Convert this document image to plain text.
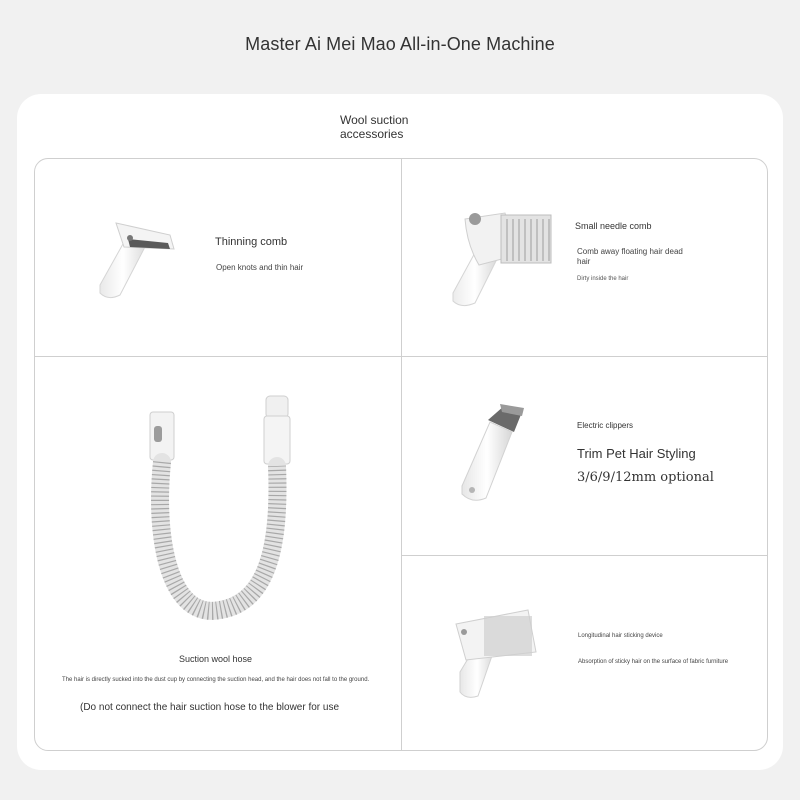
Master Ai Mei Mao All-in-One Machine
Wool suction
accessories
Thinning comb
Open knots and thin hair
Small needle comb
Comb away floating hair dead hair
Dirty inside the hair
Suction wool hose
The hair is directly sucked into the dust cup by connecting the suction head, and the hair does not fall to the ground.
(Do not connect the hair suction hose to the blower for use
Electric clippers
Trim Pet Hair Styling
3/6/9/12mm optional
Longitudinal hair sticking device
Absorption of sticky hair on the surface of fabric furniture
